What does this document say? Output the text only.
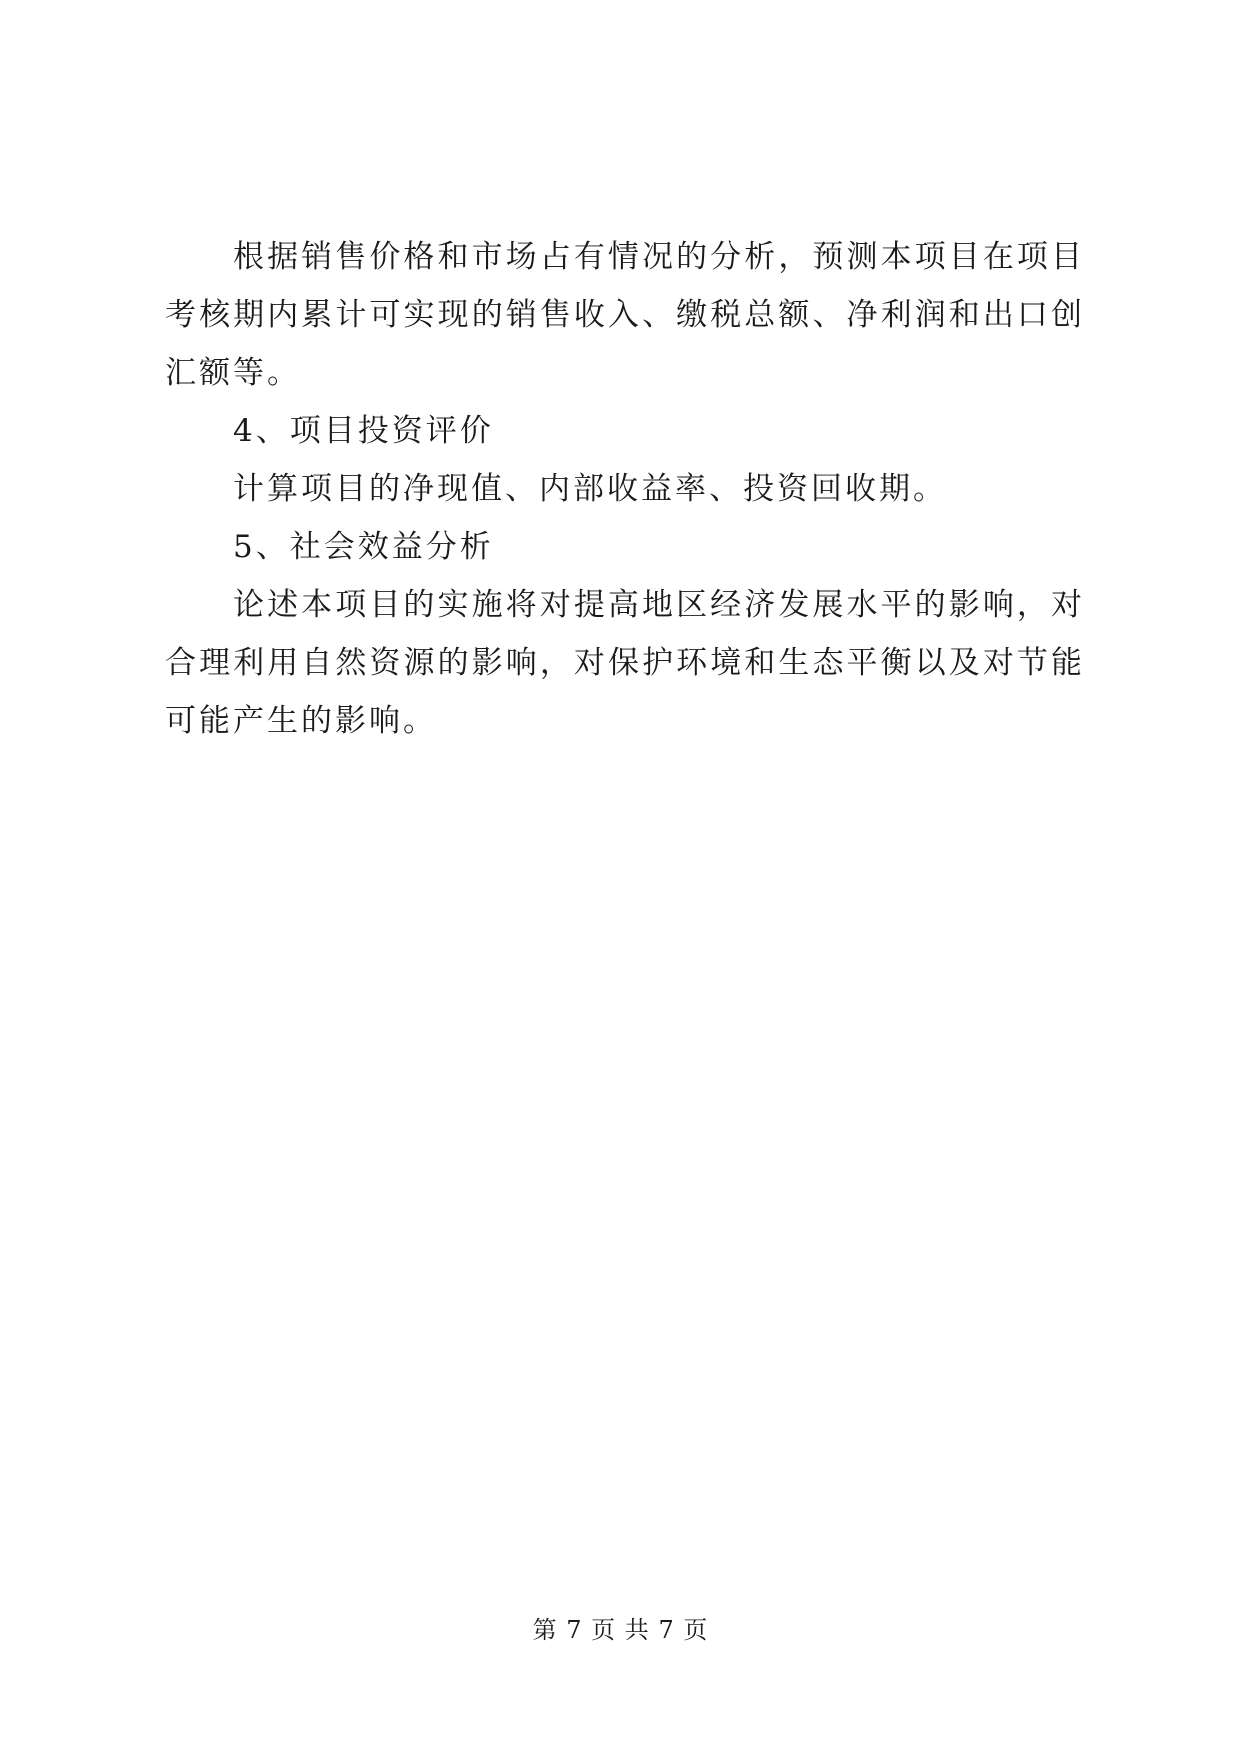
根据销售价格和市场占有情况的分析，预测本项目在项目考核期内累计可实现的销售收入、缴税总额、净利润和出口创汇额等。

4、项目投资评价

计算项目的净现值、内部收益率、投资回收期。

5、社会效益分析

论述本项目的实施将对提高地区经济发展水平的影响，对合理利用自然资源的影响，对保护环境和生态平衡以及对节能可能产生的影响。

第 7 页 共 7 页
